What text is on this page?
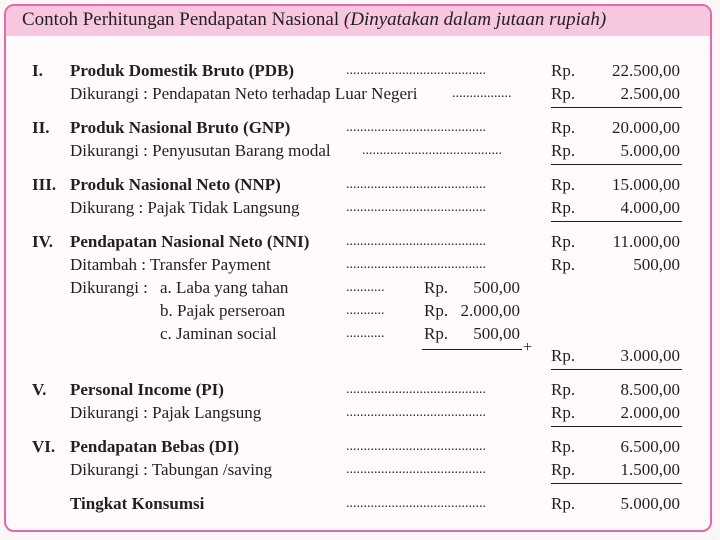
Contoh Perhitungan Pendapatan Nasional (Dinyatakan dalam jutaan rupiah)
I. Produk Domestik Bruto (PDB)	........................................	Rp.	22.500,00
Dikurangi : Pendapatan Neto terhadap Luar Negeri .................	Rp.	2.500,00
II. Produk Nasional Bruto (GNP)	........................................	Rp.	20.000,00
Dikurangi : Penyusutan Barang modal ........................................	Rp.	5.000,00
III. Produk Nasional Neto (NNP)	........................................	Rp.	15.000,00
Dikurang : Pajak Tidak Langsung	........................................	Rp.	4.000,00
IV. Pendapatan Nasional Neto (NNI)	........................................	Rp.	11.000,00
Ditambah : Transfer Payment	........................................	Rp.	500,00
Dikurangi : a. Laba yang tahan	...........	Rp.	500,00
b. Pajak perseroan	...........	Rp. 2.000,00
c. Jaminan social	...........	Rp.	500,00
+ Rp.	3.000,00
V. Personal Income (PI)	........................................	Rp.	8.500,00
Dikurangi : Pajak Langsung	........................................	Rp.	2.000,00
VI. Pendapatan Bebas (DI)	........................................	Rp.	6.500,00
Dikurangi : Tabungan /saving	........................................	Rp.	1.500,00
Tingkat Konsumsi	........................................	Rp.	5.000,00
